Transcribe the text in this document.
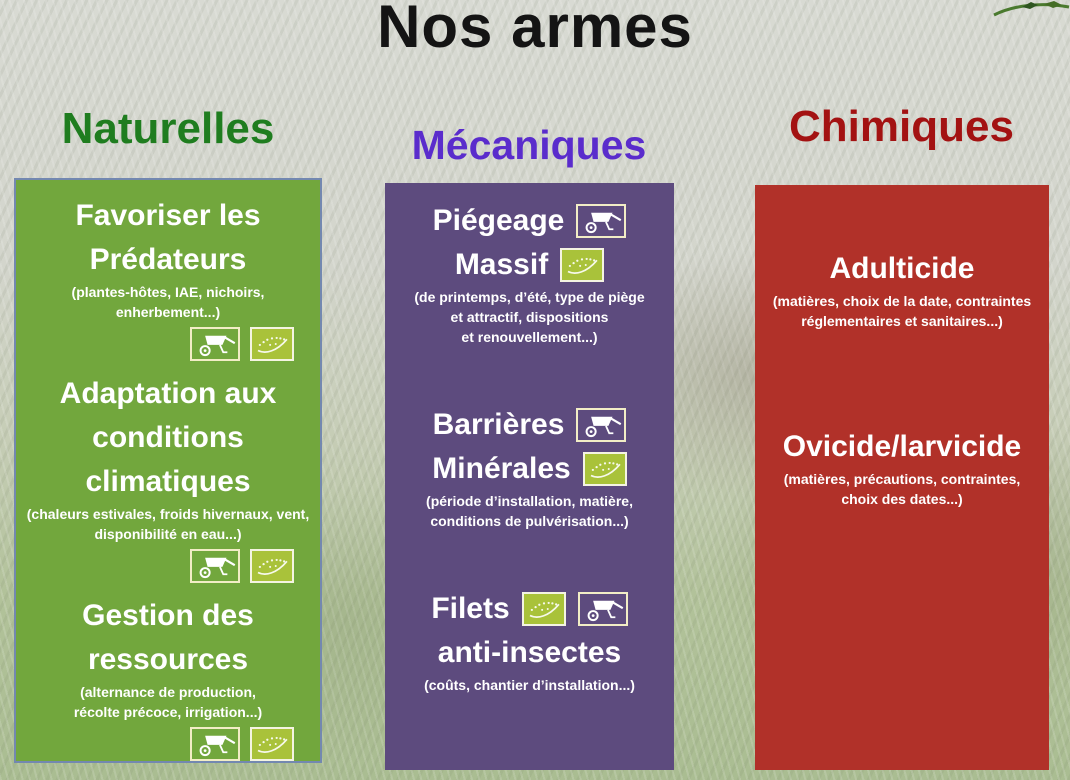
Nos armes
Naturelles	Mécaniques	Chimiques
Favoriser les
Prédateurs
(plantes-hôtes, IAE, nichoirs,
enherbement...)
Adaptation aux
conditions
climatiques
(chaleurs estivales, froids hivernaux, vent,
disponibilité en eau...)
Gestion des
ressources
(alternance de production,
récolte précoce, irrigation...)
Piégeage
Massif
(de printemps, d’été, type de piège
et attractif, dispositions
et renouvellement...)
Barrières
Minérales
(période d’installation, matière,
conditions de pulvérisation...)
Filets
anti-insectes
(coûts, chantier d’installation...)
Adulticide
(matières, choix de la date, contraintes
réglementaires et sanitaires...)
Ovicide/larvicide
(matières, précautions, contraintes,
choix des dates...)
